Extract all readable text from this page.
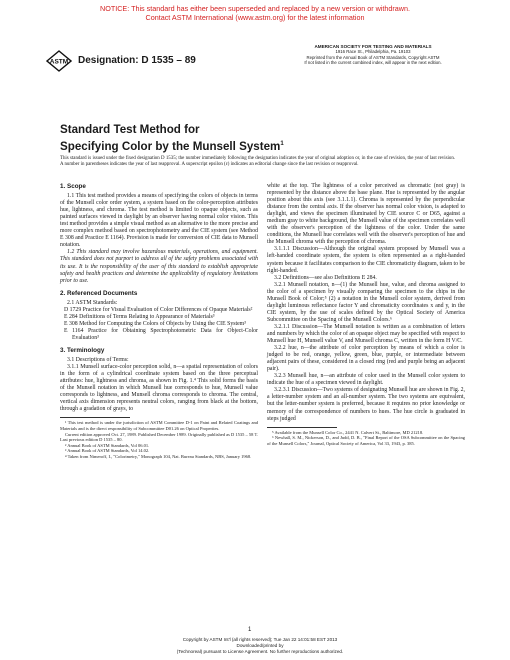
NOTICE: This standard has either been superseded and replaced by a new version or withdrawn.
Contact ASTM International (www.astm.org) for the latest information
ASTM Designation: D 1535 – 89
AMERICAN SOCIETY FOR TESTING AND MATERIALS
1916 Race St., Philadelphia, Pa. 19103
Reprinted from the Annual Book of ASTM Standards, Copyright ASTM
If not listed in the current combined index, will appear in the next edition.
Standard Test Method for
Specifying Color by the Munsell System$^1$
This standard is issued under the fixed designation D 1535; the number immediately following the designation indicates the year of original adoption or, in the case of revision, the year of last revision. A number in parentheses indicates the year of last reapproval. A superscript epsilon (ε) indicates an editorial change since the last revision or reapproval.

1. Scope

1.1 This test method provides a means of specifying the colors of objects in terms of the Munsell color order system, a system based on the color-perception attributes hue, lightness, and chroma. The test method is limited to opaque objects, such as painted surfaces viewed in daylight by an observer having normal color vision. This test method provides a simple visual method as an alternative to the more precise and more complex method based on spectrophotometry and the CIE system (see Method E 308 and Practice E 1164). Provision is made for conversion of CIE data to Munsell notation.

1.2 This standard may involve hazardous materials, operations, and equipment. This standard does not purport to address all of the safety problems associated with its use. It is the responsibility of the user of this standard to establish appropriate safety and health practices and determine the applicability of regulatory limitations prior to use.

2. Referenced Documents

2.1 ASTM Standards:

D 1729 Practice for Visual Evaluation of Color Differences of Opaque Materials²

E 284 Definitions of Terms Relating to Appearance of Materials³

E 308 Method for Computing the Colors of Objects by Using the CIE System³

E 1164 Practice for Obtaining Spectrophotometric Data for Object-Color Evaluation³

3. Terminology

3.1 Descriptions of Terms:

3.1.1 Munsell surface-color perception solid, n—a spatial representation of colors in the form of a cylindrical coordinate system based on the three perceptual attributes: hue, lightness and chroma, as shown in Fig. 1.⁴ This solid forms the basis of the Munsell notation in which Munsell hue corresponds to hue, Munsell value corresponds to lightness, and Munsell chroma corresponds to chroma. The central, vertical axis dimension represents neutral colors, ranging from black at the bottom, through a gradation of grays, to

¹ This test method is under the jurisdiction of ASTM Committee D-1 on Paint and Related Coatings and Materials and is the direct responsibility of Subcommittee D01.26 on Optical Properties.

Current edition approved Oct. 27, 1989. Published December 1989. Originally published as D 1535 – 58 T. Last previous edition D 1535 – 80.

² Annual Book of ASTM Standards, Vol 06.01.

³ Annual Book of ASTM Standards, Vol 14.02.

⁴ Taken from Nimeroff, I., "Colorimetry," Monograph 104, Nat. Bureau Standards, NBS, January 1968.

white at the top. The lightness of a color perceived as chromatic (not gray) is represented by the distance above the base plane. Hue is represented by the angular position about this axis (see 3.1.1.1). Chroma is represented by the perpendicular distance from the central axis. If the observer has normal color vision, is adapted to daylight, and views the specimen illuminated by CIE source C or D65, against a medium gray to white background, the Munsell value of the specimen correlates well with the observer's perception of the lightness of the color. Under the same conditions, the Munsell hue correlates well with the observer's perception of hue and the Munsell chroma with the perception of chroma.

3.1.1.1 Discussion—Although the original system proposed by Munsell was a left-handed coordinate system, the system is often represented as a right-handed system because it facilitates comparison to the CIE chromaticity diagram, taken to be right-handed.

3.2 Definitions—see also Definitions E 284.

3.2.1 Munsell notation, n—(1) the Munsell hue, value, and chroma assigned to the color of a specimen by visually comparing the specimen to the chips in the Munsell Book of Color;⁵ (2) a notation in the Munsell color system, derived from daylight luminous reflectance factor Y and chromaticity coordinates x and y, in the CIE system, by the use of scales defined by the Optical Society of America Subcommittee on the Spacing of the Munsell Colors.⁶

3.2.1.1 Discussion—The Munsell notation is written as a combination of letters and numbers by which the color of an opaque object may be specified with respect to Munsell hue H, Munsell value V, and Munsell chroma C, written in the form H V/C.

3.2.2 hue, n—the attribute of color perception by means of which a color is judged to be red, orange, yellow, green, blue, purple, or intermediate between adjacent pairs of these, considered in a closed ring (red and purple being an adjacent pair).

3.2.3 Munsell hue, n—an attribute of color used in the Munsell color system to indicate the hue of a specimen viewed in daylight.

3.2.3.1 Discussion—Two systems of designating Munsell hue are shown in Fig. 2, a letter-number system and an all-number system. The two systems are equivalent, but the letter-number system is preferred, because it requires no prior knowledge or memory of the correspondence of numbers to hues. The hue circle is graduated in steps judged

⁵ Available from the Munsell Color Co., 2441 N. Calvert St., Baltimore, MD 21218.

⁶ Newhall, S. M., Nickerson, D., and Judd, D. B., "Final Report of the OSA Subcommittee on the Spacing of the Munsell Colors," Journal, Optical Society of America, Vol 33, 1943, p. 385.

1
Copyright by ASTM Int'l (all rights reserved); Tue Jan 22 14:01:58 EST 2013
Downloaded/printed by
(Technoreal) pursuant to License Agreement. No further reproductions authorized.
